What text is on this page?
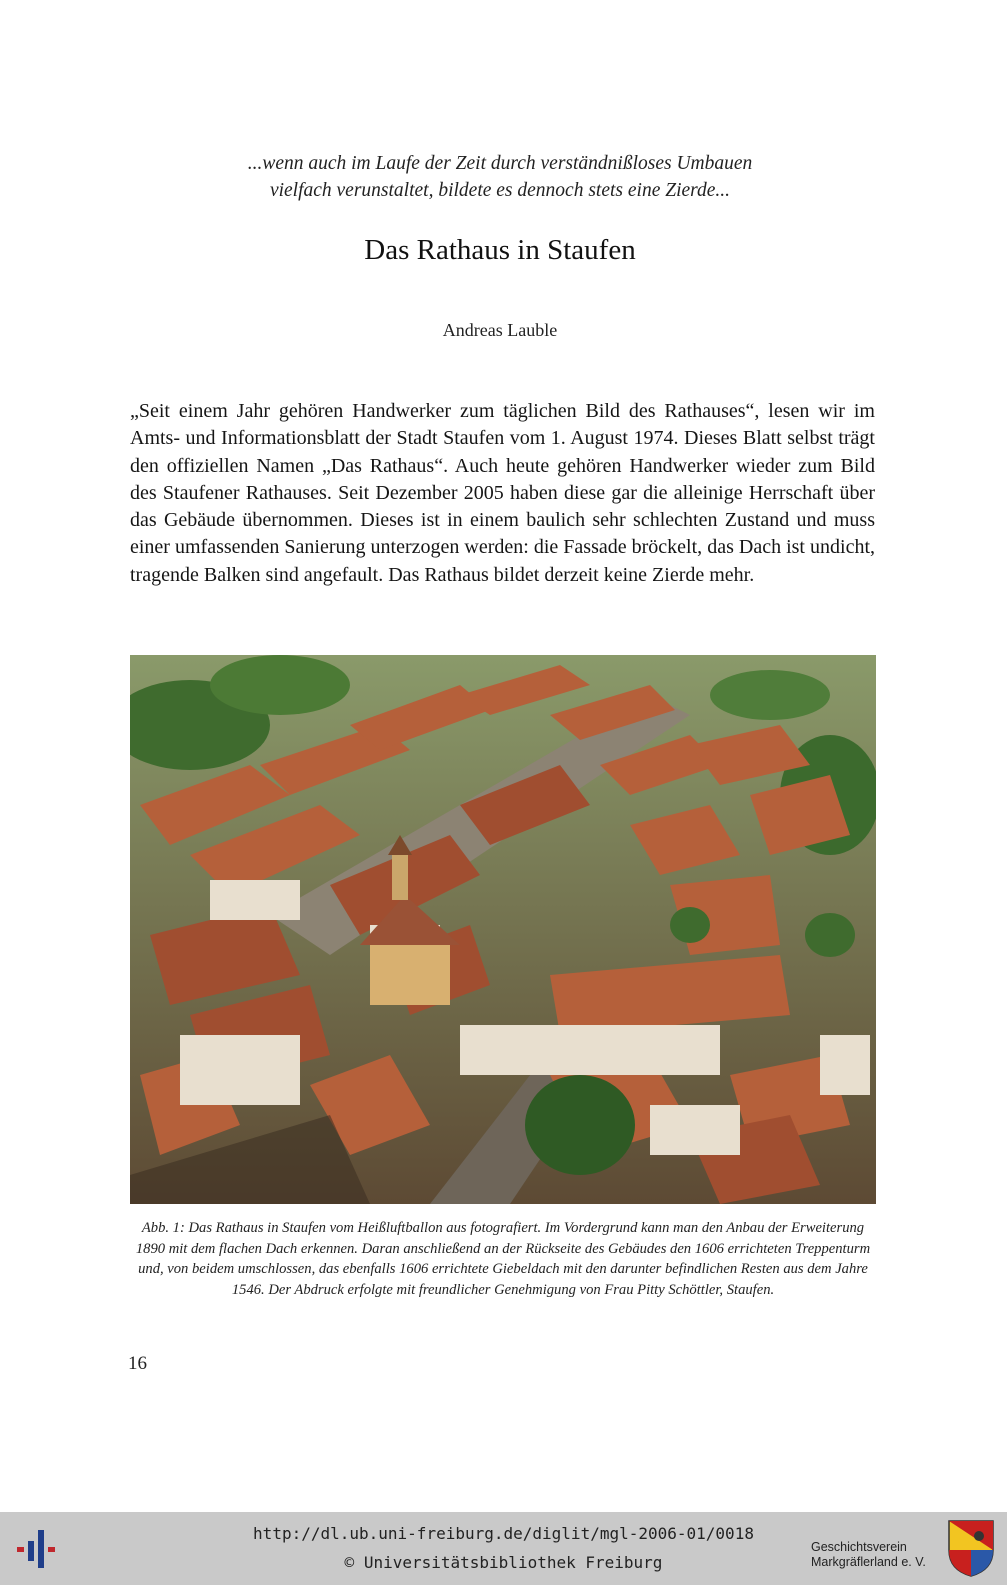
...wenn auch im Laufe der Zeit durch verständnißloses Umbauen
vielfach verunstaltet, bildete es dennoch stets eine Zierde...
Das Rathaus in Staufen
Andreas Lauble
„Seit einem Jahr gehören Handwerker zum täglichen Bild des Rathauses“, lesen wir im Amts- und Informationsblatt der Stadt Staufen vom 1. August 1974. Dieses Blatt selbst trägt den offiziellen Namen „Das Rathaus“. Auch heute gehören Handwerker wieder zum Bild des Staufener Rathauses. Seit Dezember 2005 haben diese gar die alleinige Herrschaft über das Gebäude übernommen. Dieses ist in einem baulich sehr schlechten Zustand und muss einer umfassenden Sanierung unterzogen werden: die Fassade bröckelt, das Dach ist undicht, tragende Balken sind angefault. Das Rathaus bildet derzeit keine Zierde mehr.
Abb. 1: Das Rathaus in Staufen vom Heißluftballon aus fotografiert. Im Vordergrund kann man den Anbau der Erweiterung 1890 mit dem flachen Dach erkennen. Daran anschließend an der Rückseite des Gebäudes den 1606 errichteten Treppenturm und, von beidem umschlossen, das ebenfalls 1606 errichtete Giebeldach mit den darunter befindlichen Resten aus dem Jahre 1546. Der Abdruck erfolgte mit freundlicher Genehmigung von Frau Pitty Schöttler, Staufen.
16
http://dl.ub.uni-freiburg.de/diglit/mgl-2006-01/0018
© Universitätsbibliothek Freiburg
Geschichtsverein
Markgräflerland e. V.
